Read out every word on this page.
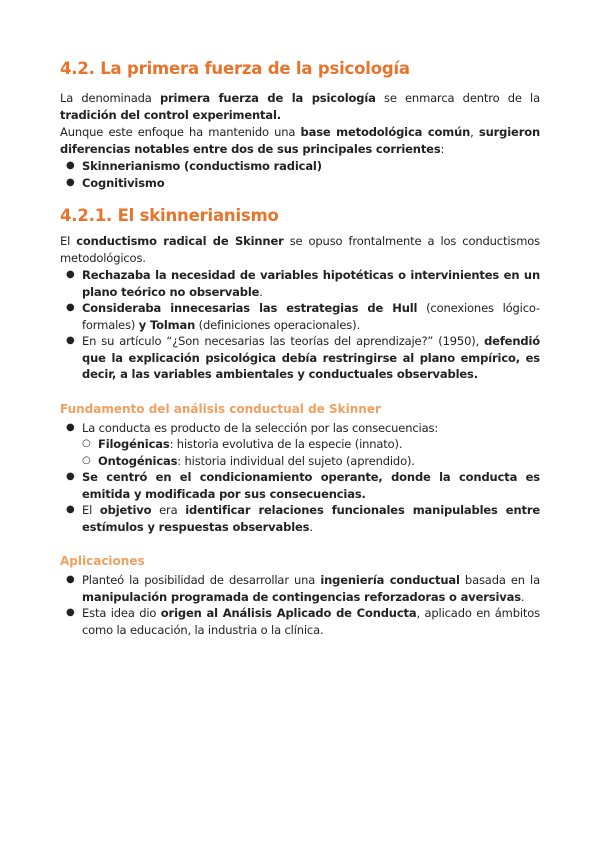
4.2. La primera fuerza de la psicología

La denominada primera fuerza de la psicología se enmarca dentro de la tradición del control experimental.

Aunque este enfoque ha mantenido una base metodológica común, surgieron diferencias notables entre dos de sus principales corrientes:

● Skinnerianismo (conductismo radical)
● Cognitivismo
4.2.1. El skinnerianismo

El conductismo radical de Skinner se opuso frontalmente a los conductismos metodológicos.

● Rechazaba la necesidad de variables hipotéticas o intervinientes en un plano teórico no observable.
● Consideraba innecesarias las estrategias de Hull (conexiones lógico-formales) y Tolman (definiciones operacionales).
● En su artículo “¿Son necesarias las teorías del aprendizaje?” (1950), defendió que la explicación psicológica debía restringirse al plano empírico, es decir, a las variables ambientales y conductuales observables.
Fundamento del análisis conductual de Skinner
● La conducta es producto de la selección por las consecuencias:
○ Filogénicas: historia evolutiva de la especie (innato).
○ Ontogénicas: historia individual del sujeto (aprendido).
● Se centró en el condicionamiento operante, donde la conducta es emitida y modificada por sus consecuencias.
● El objetivo era identificar relaciones funcionales manipulables entre estímulos y respuestas observables.
Aplicaciones
● Planteó la posibilidad de desarrollar una ingeniería conductual basada en la manipulación programada de contingencias reforzadoras o aversivas.
● Esta idea dio origen al Análisis Aplicado de Conducta, aplicado en ámbitos como la educación, la industria o la clínica.
